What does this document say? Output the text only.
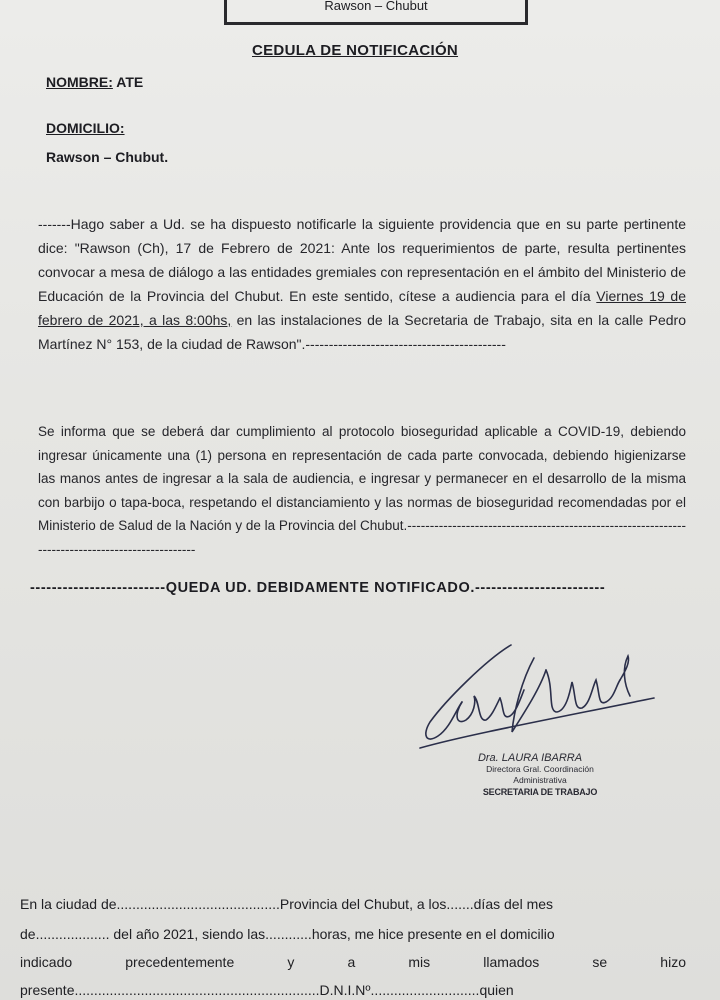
Rawson – Chubut
CEDULA DE NOTIFICACIÓN
NOMBRE: ATE
DOMICILIO:
Rawson – Chubut.

-------Hago saber a Ud. se ha dispuesto notificarle la siguiente providencia que en su parte pertinente dice: "Rawson (Ch), 17 de Febrero de 2021: Ante los requerimientos de parte, resulta pertinentes convocar a mesa de diálogo a las entidades gremiales con representación en el ámbito del Ministerio de Educación de la Provincia del Chubut. En este sentido, cítese a audiencia para el día Viernes 19 de febrero de 2021, a las 8:00hs, en las instalaciones de la Secretaria de Trabajo, sita en la calle Pedro Martínez N° 153, de la ciudad de Rawson".-------------------------------------------

Se informa que se deberá dar cumplimiento al protocolo bioseguridad aplicable a COVID-19, debiendo ingresar únicamente una (1) persona en representación de cada parte convocada, debiendo higienizarse las manos antes de ingresar a la sala de audiencia, e ingresar y permanecer en el desarrollo de la misma con barbijo o tapa-boca, respetando el distanciamiento y las normas de bioseguridad recomendadas por el Ministerio de Salud de la Nación y de la Provincia del Chubut.-------------------------------------------------------------------------------------------------

-------------------------QUEDA UD. DEBIDAMENTE NOTIFICADO.------------------------
Dra. LAURA IBARRA
Directora Gral. Coordinación
Administrativa
SECRETARIA DE TRABAJO
En la ciudad de..........................................Provincia del Chubut, a los.......días del mes
de................... del año 2021, siendo las............horas, me hice presente en el domicilio
indicado	precedentemente	y	a	mis	llamados	se	hizo
presente...............................................................D.N.I.Nº............................quien
